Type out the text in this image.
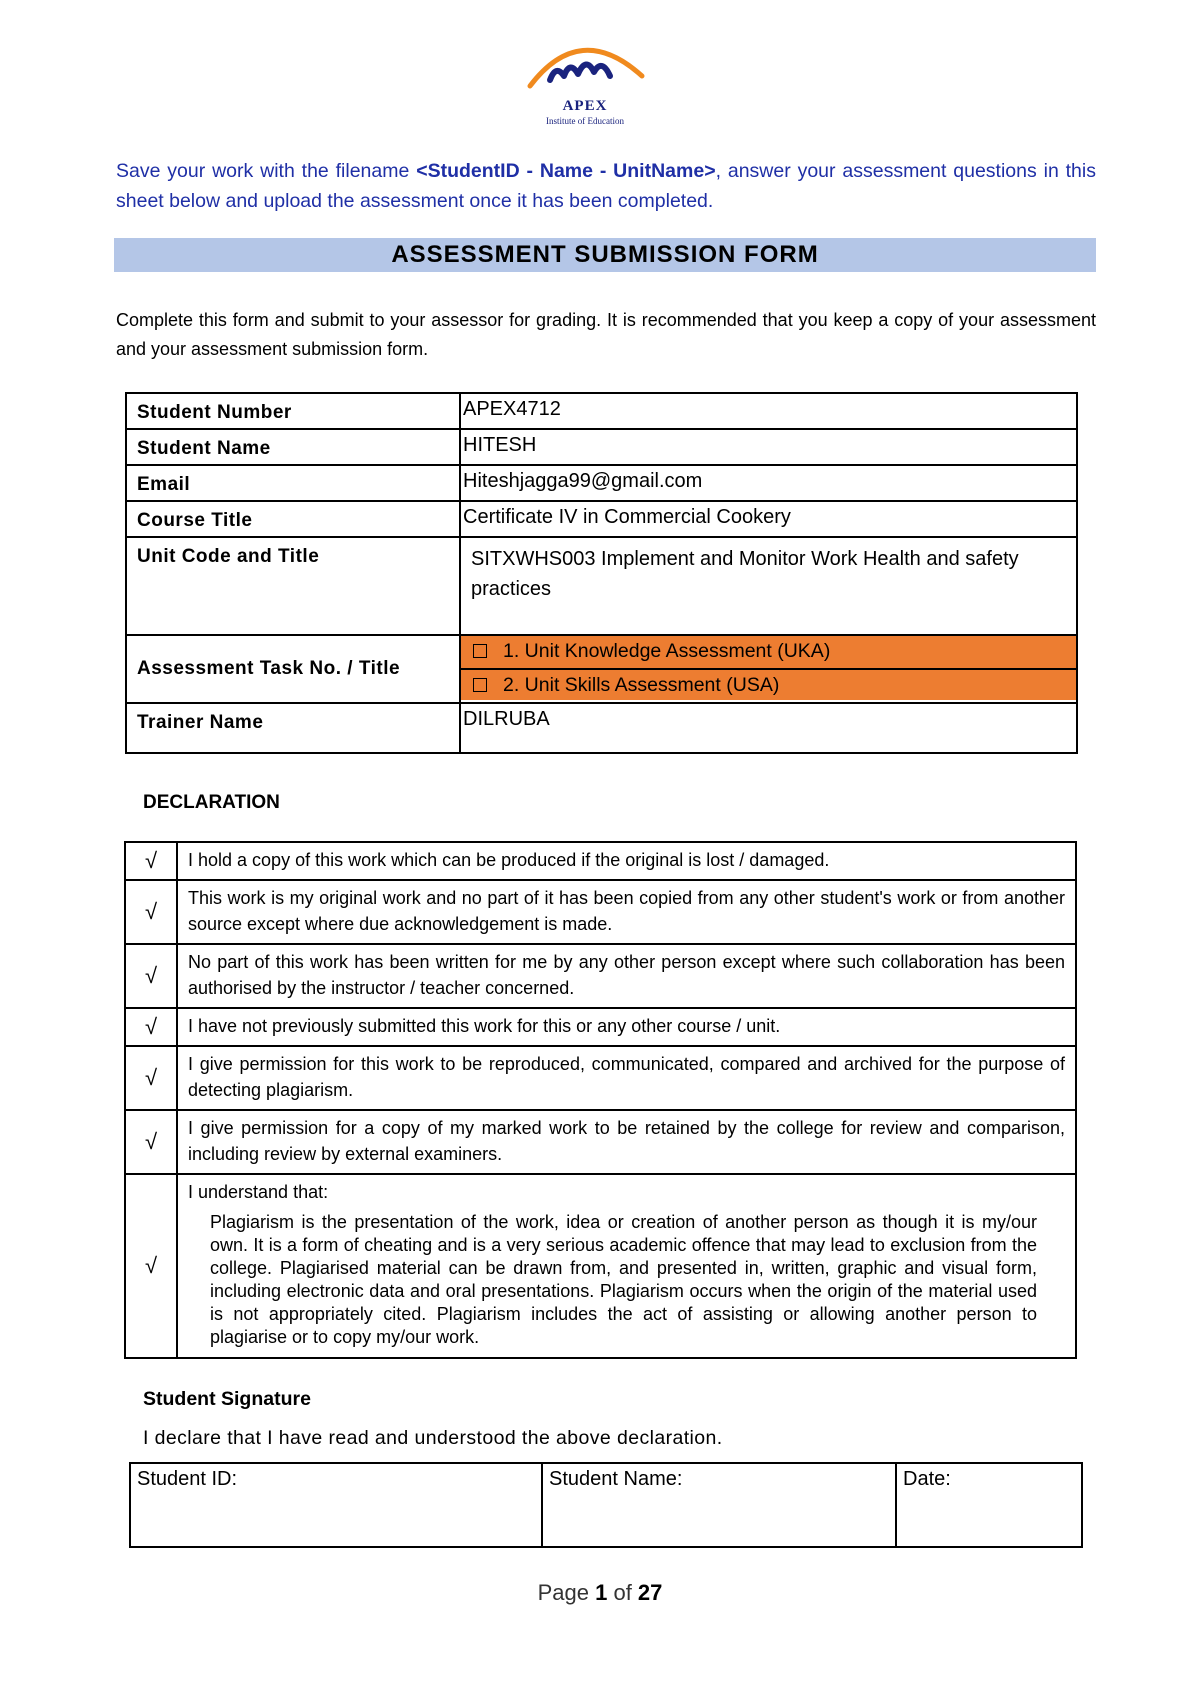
APEX
Institute of Education
Save your work with the filename <StudentID - Name - UnitName>, answer your assessment questions in this sheet below and upload the assessment once it has been completed.
ASSESSMENT SUBMISSION FORM
Complete this form and submit to your assessor for grading. It is recommended that you keep a copy of your assessment and your assessment submission form.
Student Number	APEX4712
Student Name	HITESH
Email	Hiteshjagga99@gmail.com
Course Title	Certificate IV in Commercial Cookery
Unit Code and Title	SITXWHS003 Implement and Monitor Work Health and safety practices
Assessment Task No. / Title	1. Unit Knowledge Assessment (UKA)
2. Unit Skills Assessment (USA)

Trainer Name	DILRUBA
DECLARATION
√	I hold a copy of this work which can be produced if the original is lost / damaged.
√	This work is my original work and no part of it has been copied from any other student's work or from another source except where due acknowledgement is made.
√	No part of this work has been written for me by any other person except where such collaboration has been authorised by the instructor / teacher concerned.
√	I have not previously submitted this work for this or any other course / unit.
√	I give permission for this work to be reproduced, communicated, compared and archived for the purpose of detecting plagiarism.
√	I give permission for a copy of my marked work to be retained by the college for review and comparison, including review by external examiners.
√	I understand that:
Plagiarism is the presentation of the work, idea or creation of another person as though it is my/our own. It is a form of cheating and is a very serious academic offence that may lead to exclusion from the college. Plagiarised material can be drawn from, and presented in, written, graphic and visual form, including electronic data and oral presentations. Plagiarism occurs when the origin of the material used is not appropriately cited. Plagiarism includes the act of assisting or allowing another person to plagiarise or to copy my/our work.
Student Signature
I declare that I have read and understood the above declaration.
Student ID:	Student Name:	Date:
Page 1 of 27
